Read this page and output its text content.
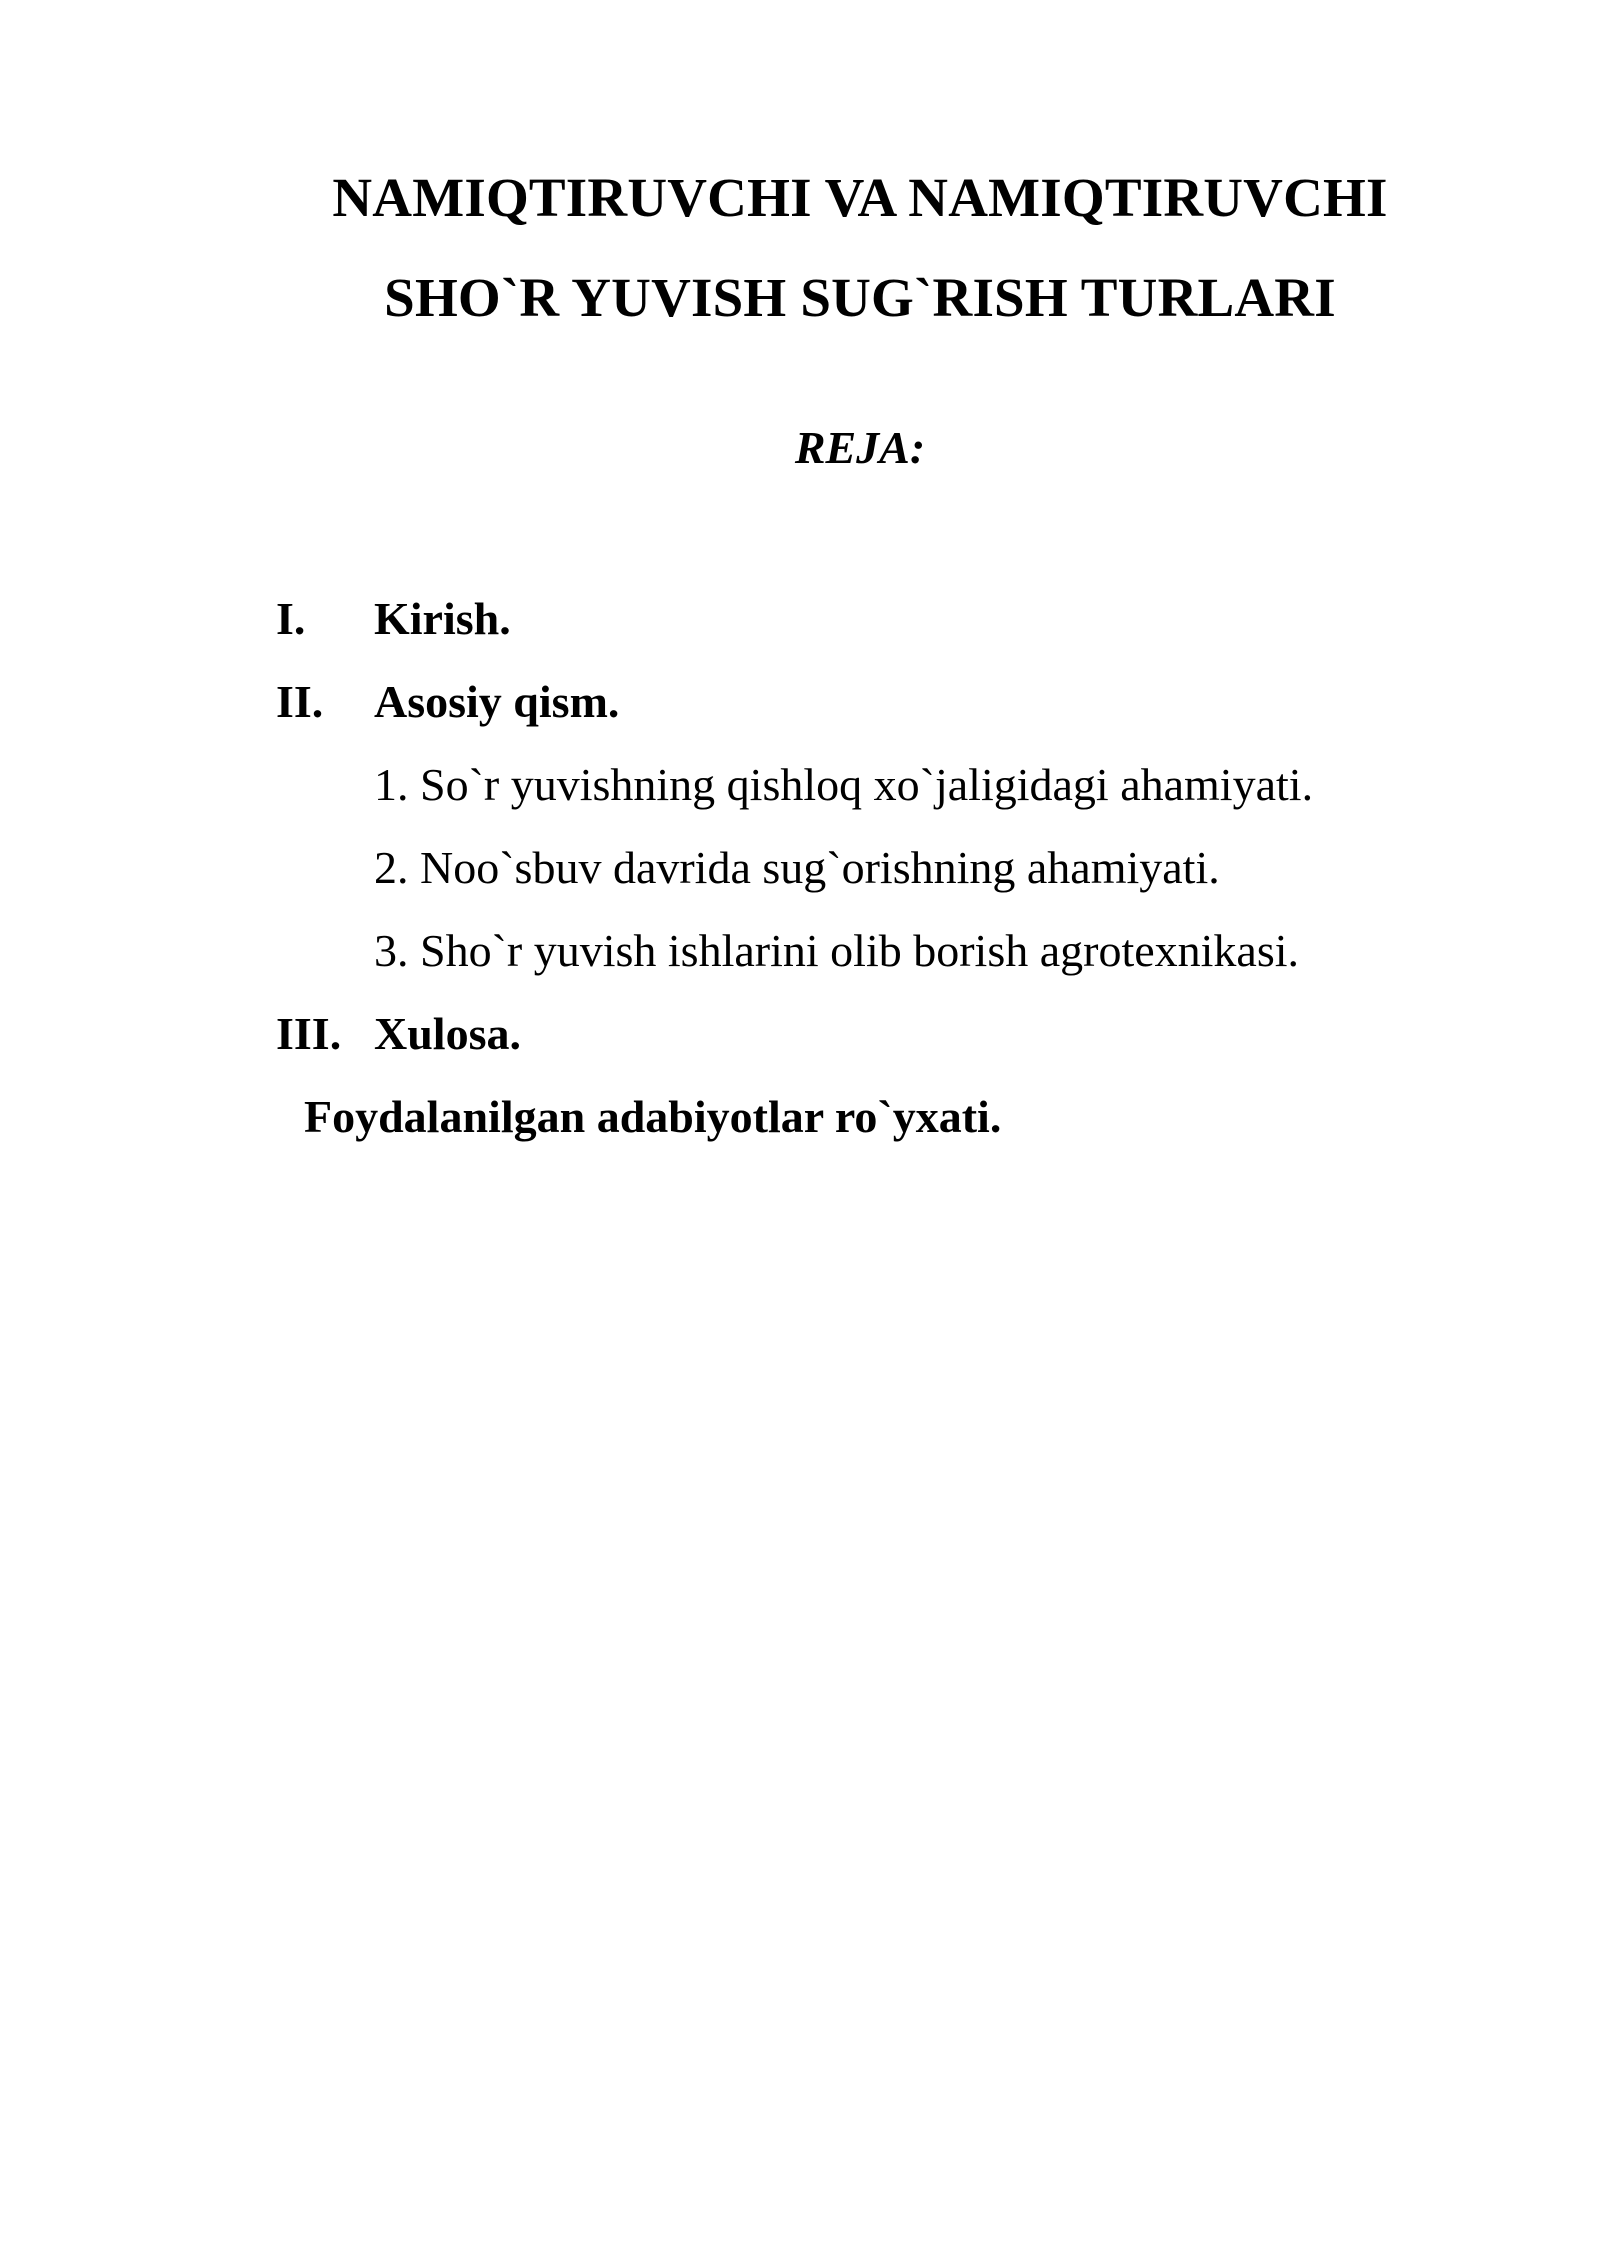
NAMIQTIRUVCHI VA NAMIQTIRUVCHI
SHO`R YUVISH SUG`RISH TURLARI
REJA:
I. Kirish.
II. Asosiy qism.
1. So`r yuvishning qishloq xo`jaligidagi ahamiyati.
2. Noo`sbuv davrida sug`orishning ahamiyati.
3. Sho`r yuvish ishlarini olib borish agrotexnikasi.
III. Xulosa.
Foydalanilgan adabiyotlar ro`yxati.
